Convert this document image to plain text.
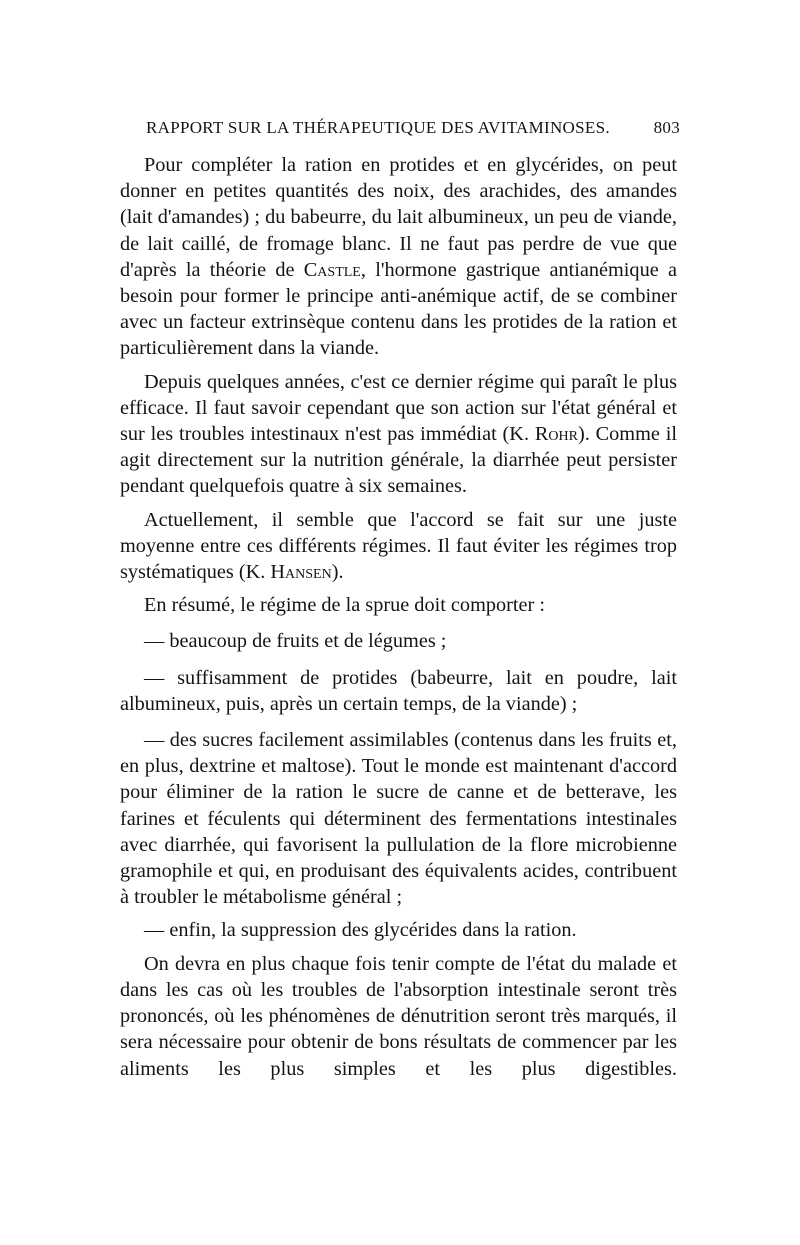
RAPPORT SUR LA THÉRAPEUTIQUE DES AVITAMINOSES.	803

Pour compléter la ration en protides et en glycérides, on peut donner en petites quantités des noix, des arachides, des amandes (lait d'amandes) ; du babeurre, du lait albumineux, un peu de viande, de lait caillé, de fromage blanc. Il ne faut pas perdre de vue que d'après la théorie de Castle, l'hormone gastrique antianémique a besoin pour former le principe anti-anémique actif, de se combiner avec un facteur extrinsèque contenu dans les protides de la ration et particulièrement dans la viande.

Depuis quelques années, c'est ce dernier régime qui paraît le plus efficace. Il faut savoir cependant que son action sur l'état général et sur les troubles intestinaux n'est pas immédiat (K. Rohr). Comme il agit directement sur la nutrition générale, la diarrhée peut persister pendant quelquefois quatre à six semaines.

Actuellement, il semble que l'accord se fait sur une juste moyenne entre ces différents régimes. Il faut éviter les régimes trop systématiques (K. Hansen).

En résumé, le régime de la sprue doit comporter :

— beaucoup de fruits et de légumes ;

— suffisamment de protides (babeurre, lait en poudre, lait albumineux, puis, après un certain temps, de la viande) ;

— des sucres facilement assimilables (contenus dans les fruits et, en plus, dextrine et maltose). Tout le monde est maintenant d'accord pour éliminer de la ration le sucre de canne et de betterave, les farines et féculents qui déterminent des fermentations intestinales avec diarrhée, qui favorisent la pullulation de la flore microbienne gramophile et qui, en produisant des équivalents acides, contribuent à troubler le métabolisme général ;

— enfin, la suppression des glycérides dans la ration.

On devra en plus chaque fois tenir compte de l'état du malade et dans les cas où les troubles de l'absorption intestinale seront très prononcés, où les phénomènes de dénutrition seront très marqués, il sera nécessaire pour obtenir de bons résultats de commencer par les aliments les plus simples et les plus digestibles.
